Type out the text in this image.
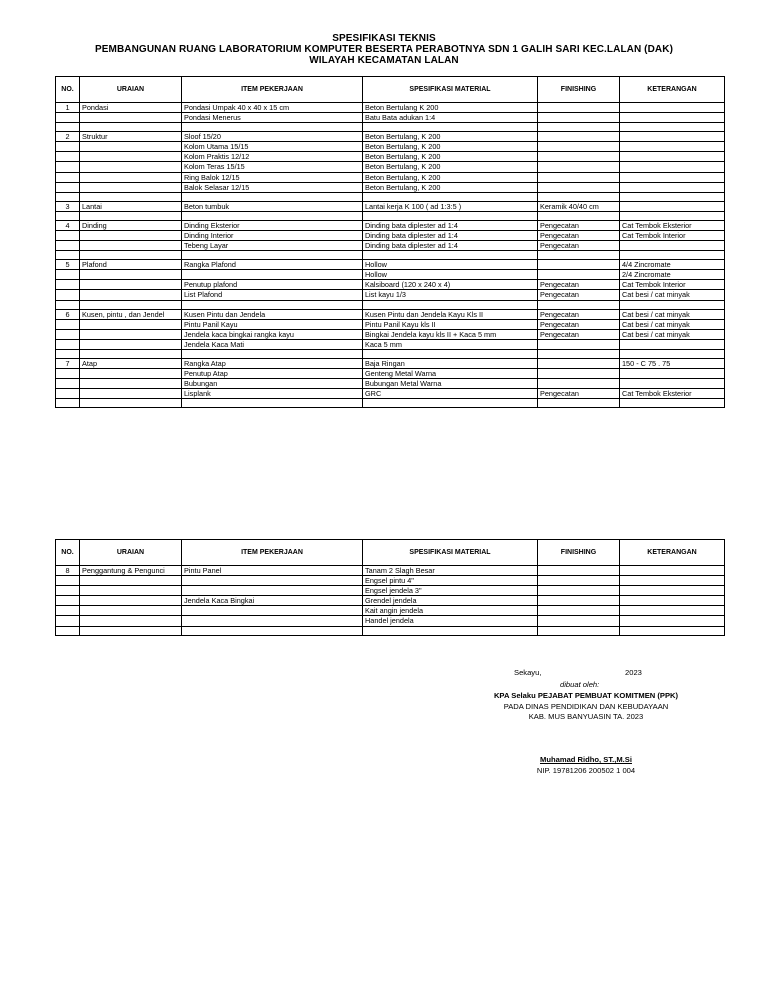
SPESIFIKASI TEKNIS
PEMBANGUNAN RUANG LABORATORIUM KOMPUTER BESERTA PERABOTNYA SDN 1 GALIH SARI KEC.LALAN (DAK)
WILAYAH KECAMATAN LALAN
NO.	URAIAN	ITEM PEKERJAAN	SPESIFIKASI MATERIAL	FINISHING	KETERANGAN
1	Pondasi	Pondasi Umpak 40 x 40 x 15 cm	Beton Bertulang K 200		
		Pondasi Menerus	Batu Bata adukan 1:4		

2	Struktur	Sloof 15/20	Beton Bertulang, K 200		
		Kolom Utama 15/15	Beton Bertulang, K 200		
		Kolom Praktis 12/12	Beton Bertulang, K 200		
		Kolom Teras 15/15	Beton Bertulang, K 200		
		Ring Balok 12/15	Beton Bertulang, K 200		
		Balok Selasar 12/15	Beton Bertulang, K 200		

3	Lantai	Beton tumbuk	Lantai kerja K 100 ( ad 1:3:5 )	Keramik 40/40 cm	

4	Dinding	Dinding Eksterior	Dinding bata diplester ad 1:4	Pengecatan	Cat Tembok Eksterior
		Dinding Interior	Dinding bata diplester ad 1:4	Pengecatan	Cat Tembok Interior
		Tebeng Layar	Dinding bata diplester ad 1:4	Pengecatan	

5	Plafond	Rangka Plafond	Hollow		4/4 Zincromate
			Hollow		2/4 Zincromate
		Penutup plafond	Kalsiboard (120 x 240 x 4)	Pengecatan	Cat Tembok Interior
		List Plafond	List kayu 1/3	Pengecatan	Cat besi / cat minyak

6	Kusen, pintu , dan Jendel	Kusen Pintu dan Jendela	Kusen Pintu dan Jendela Kayu Kls II	Pengecatan	Cat besi / cat minyak
		Pintu Panil Kayu	Pintu Panil Kayu kls II	Pengecatan	Cat besi / cat minyak
		Jendela kaca bingkai rangka kayu	Bingkai Jendela kayu kls II + Kaca 5 mm	Pengecatan	Cat besi / cat minyak
		Jendela Kaca Mati	Kaca 5 mm		

7	Atap	Rangka Atap	Baja Ringan		150 - C 75 . 75
		Penutup Atap	Genteng Metal Warna		
		Bubungan	Bubungan Metal Warna		
		Lisplank	GRC	Pengecatan	Cat Tembok Eksterior

NO.	URAIAN	ITEM PEKERJAAN	SPESIFIKASI MATERIAL	FINISHING	KETERANGAN
8	Penggantung & Pengunci	Pintu Panel	Tanam 2 Slagh Besar		
			Engsel pintu 4"		
			Engsel jendela 3"		
		Jendela Kaca Bingkai	Grendel jendela		
			Kait angin jendela		
			Handel jendela		

Sekayu,	2023
dibuat oleh:
KPA Selaku PEJABAT PEMBUAT KOMITMEN (PPK)
PADA DINAS PENDIDIKAN DAN KEBUDAYAAN
KAB. MUS BANYUASIN TA. 2023
Muhamad Ridho, ST.,M.Si
NIP. 19781206 200502 1 004
